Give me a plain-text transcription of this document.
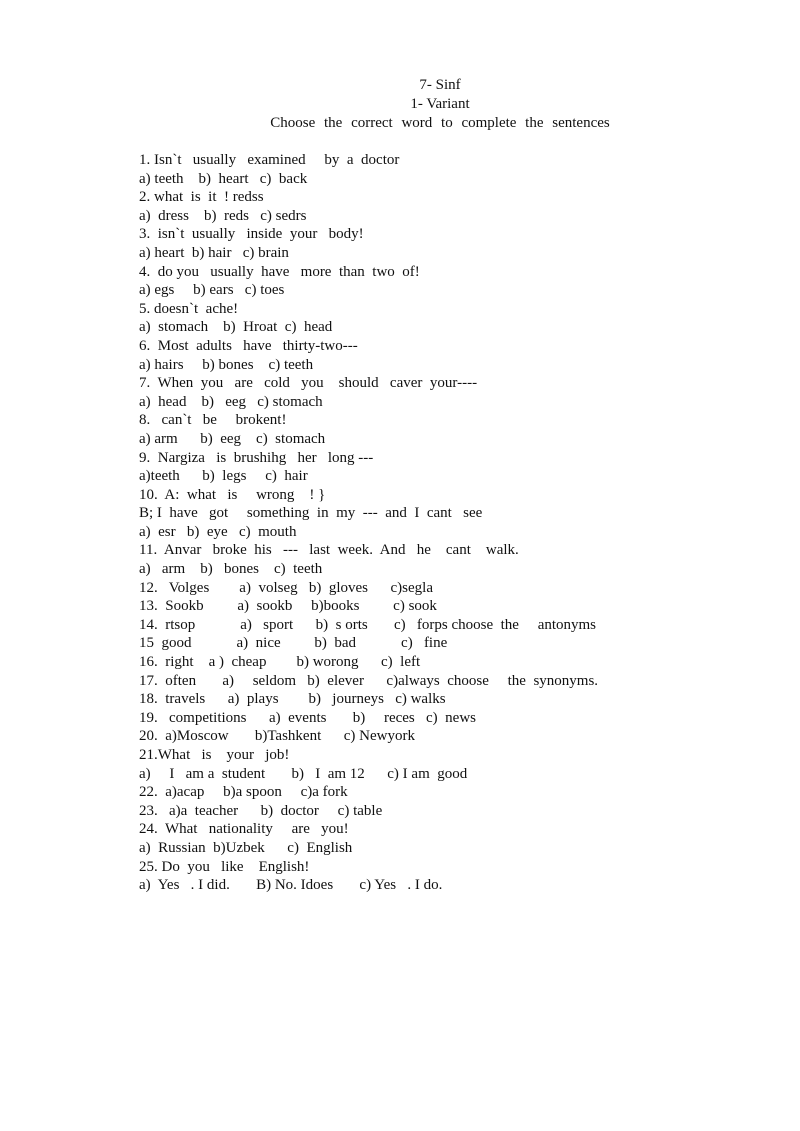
7- Sinf
1- Variant
Choose the correct word to complete the sentences
1. Isn`t   usually   examined     by  a  doctor
a) teeth    b)  heart   c)  back
2. what  is  it  ! redss
a)  dress    b)  reds   c) sedrs
3.  isn`t  usually   inside  your   body!
a) heart  b) hair   c) brain
4.  do you   usually  have   more  than  two  of!
a) egs     b) ears   c) toes
5. doesn`t  ache!
a)  stomach    b)  Hroat  c)  head
6.  Most  adults   have   thirty-two---
a) hairs     b) bones    c) teeth
7.  When  you   are   cold   you    should   caver  your----
a)  head    b)   eeg   c) stomach
8.   can`t   be     brokent!
a) arm      b)  eeg    c)  stomach
9.  Nargiza   is  brushihg   her   long ---
a)teeth      b)  legs     c)  hair
10.  A:  what   is     wrong    ! }
B; I  have   got     something  in  my  ---  and  I  cant   see
a)  esr   b)  eye   c)  mouth
11.  Anvar   broke  his   ---   last  week.  And   he    cant    walk.
a)   arm    b)   bones    c)  teeth
12.   Volges        a)  volseg   b)  gloves      c)segla
13.  Sookb         a)  sookb     b)books         c) sook
14.  rtsop            a)   sport      b)  s orts       c)   forps choose  the     antonyms
15  good            a)  nice         b)  bad            c)   fine
16.  right    a )  cheap        b) worong      c)  left
17.  often       a)     seldom   b)  elever      c)always  choose     the  synonyms.
18.  travels      a)  plays        b)   journeys   c) walks
19.   competitions      a)  events       b)     reces   c)  news
20.  a)Moscow       b)Tashkent      c) Newyork
21.What   is    your   job!
a)     I   am a  student       b)   I  am 12      c) I am  good
22.  a)acap     b)a spoon     c)a fork
23.   a)a  teacher      b)  doctor     c) table
24.  What   nationality     are   you!
a)  Russian  b)Uzbek      c)  English
25. Do  you   like    English!
a)  Yes   . I did.       B) No. Idoes       c) Yes   . I do.
